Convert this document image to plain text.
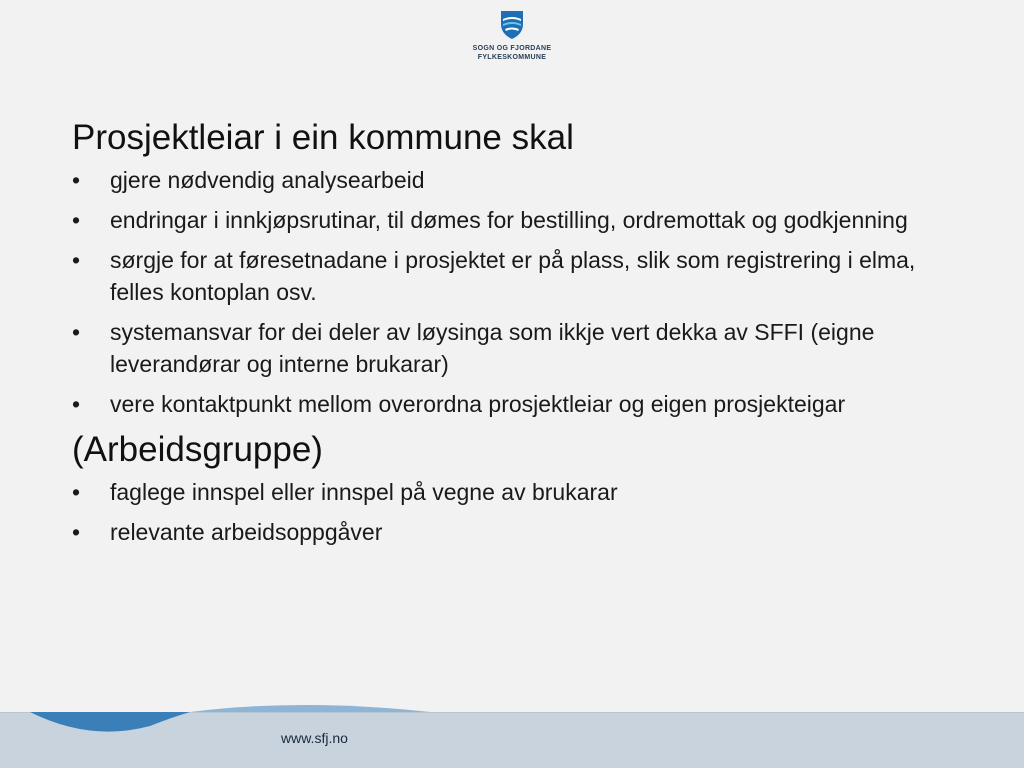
SOGN OG FJORDANE
FYLKESKOMMUNE
Prosjektleiar i ein kommune skal
•	gjere nødvendig analysearbeid
•	endringar i innkjøpsrutinar, til dømes for bestilling, ordremottak og godkjenning
•	sørgje for at føresetnadane i prosjektet er på plass, slik som registrering i elma, felles kontoplan osv.
•	systemansvar for dei deler av løysinga som ikkje vert dekka av SFFI (eigne leverandørar og interne brukarar)
•	vere kontaktpunkt mellom overordna prosjektleiar og eigen prosjekteigar
(Arbeidsgruppe)
•	faglege innspel eller innspel på vegne av brukarar
•	relevante arbeidsoppgåver
www.sfj.no
